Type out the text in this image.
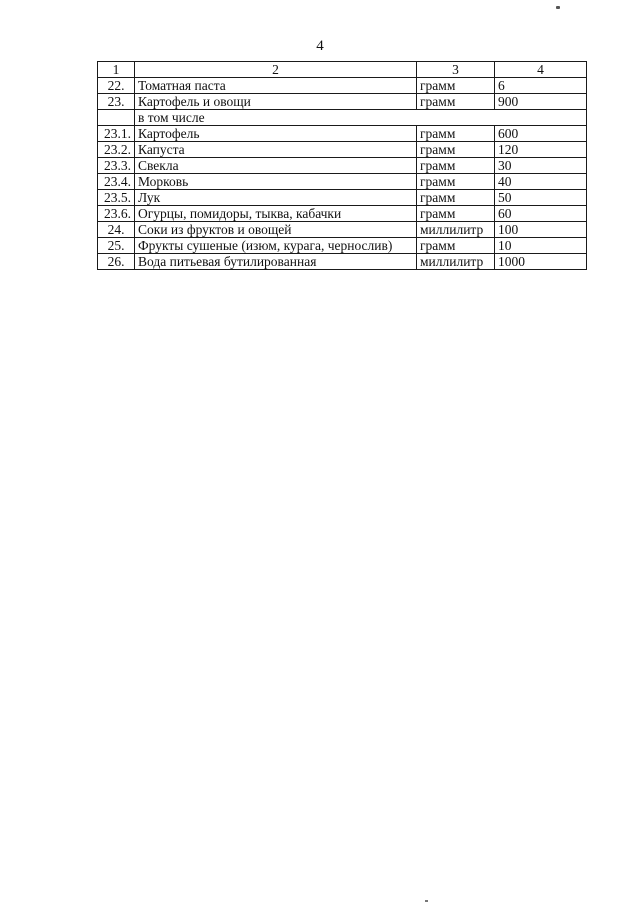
4
1	2	3	4
22.	Томатная паста	грамм	6
23.	Картофель и овощи	грамм	900
	в том числе		
23.1.	Картофель	грамм	600
23.2.	Капуста	грамм	120
23.3.	Свекла	грамм	30
23.4.	Морковь	грамм	40
23.5.	Лук	грамм	50
23.6.	Огурцы, помидоры, тыква, кабачки	грамм	60
24.	Соки из фруктов и овощей	миллилитр	100
25.	Фрукты сушеные (изюм, курага, чернослив)	грамм	10
26.	Вода питьевая бутилированная	миллилитр	1000
